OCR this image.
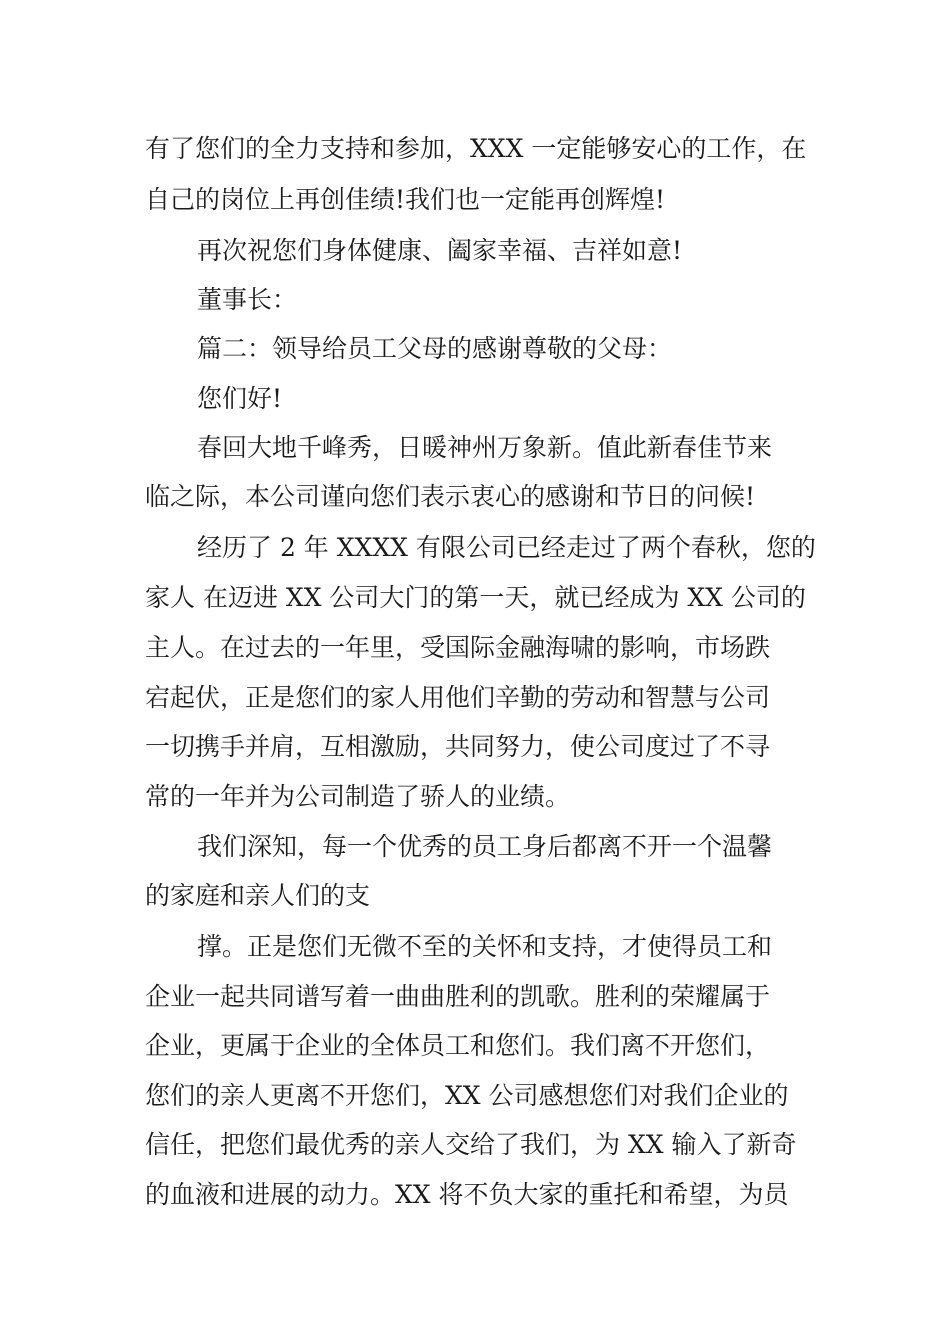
有了您们的全力支持和参加，XXX 一定能够安心的工作，在
自己的岗位上再创佳绩!我们也一定能再创辉煌!
再次祝您们身体健康、阖家幸福、吉祥如意!
董事长：
篇二：领导给员工父母的感谢尊敬的父母：
您们好!
春回大地千峰秀，日暖神州万象新。值此新春佳节来
临之际，本公司谨向您们表示衷心的感谢和节日的问候!
经历了 2 年 XXXX 有限公司已经走过了两个春秋，您的
家人 在迈进 XX 公司大门的第一天，就已经成为 XX 公司的
主人。在过去的一年里，受国际金融海啸的影响，市场跌
宕起伏，正是您们的家人用他们辛勤的劳动和智慧与公司
一切携手并肩，互相激励，共同努力，使公司度过了不寻
常的一年并为公司制造了骄人的业绩。
我们深知，每一个优秀的员工身后都离不开一个温馨
的家庭和亲人们的支
撑。正是您们无微不至的关怀和支持，才使得员工和
企业一起共同谱写着一曲曲胜利的凯歌。胜利的荣耀属于
企业，更属于企业的全体员工和您们。我们离不开您们，
您们的亲人更离不开您们，XX 公司感想您们对我们企业的
信任，把您们最优秀的亲人交给了我们，为 XX 输入了新奇
的血液和进展的动力。XX 将不负大家的重托和希望，为员
